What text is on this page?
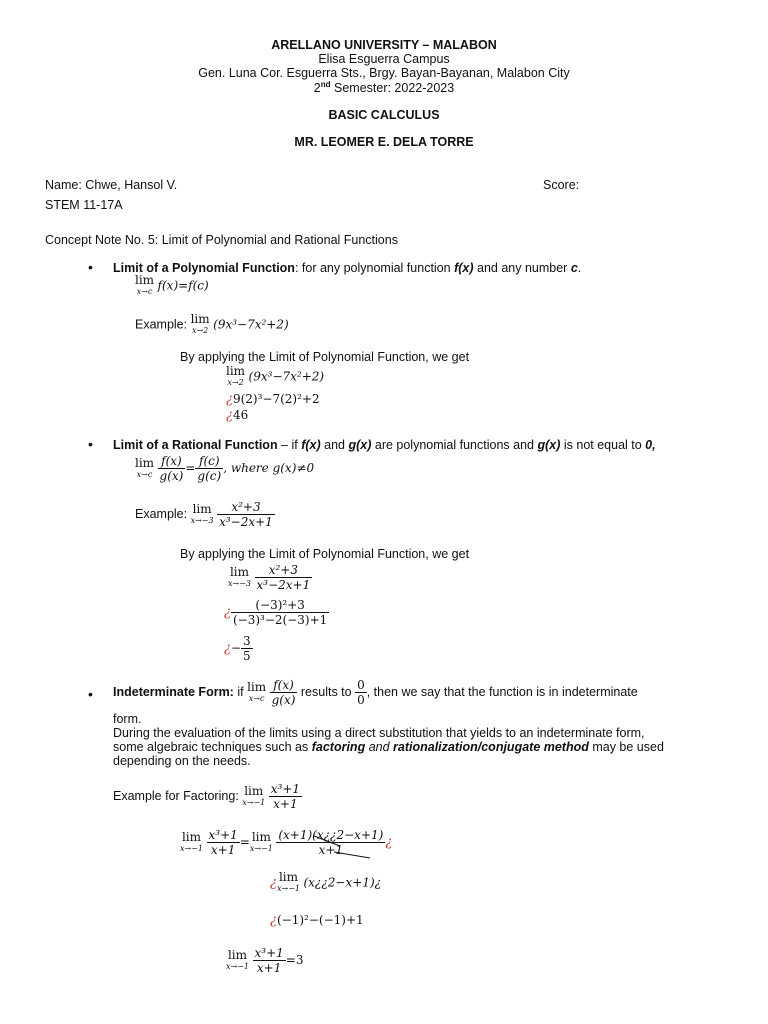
ARELLANO UNIVERSITY – MALABON
Elisa Esguerra Campus
Gen. Luna Cor. Esguerra Sts., Brgy. Bayan-Bayanan, Malabon City
2nd Semester: 2022-2023
BASIC CALCULUS
MR. LEOMER E. DELA TORRE
Name: Chwe, Hansol V.	Score:
STEM 11-17A
Concept Note No. 5: Limit of Polynomial and Rational Functions
• Limit of a Polynomial Function: for any polynomial function f(x) and any number c.
lim
x→c f(x)=f(c)
Example: lim
x→2 (9x³−7x²+2)
By applying the Limit of Polynomial Function, we get
lim
x→2 (9x³−7x²+2)
¿9(2)³−7(2)²+2
¿46
• Limit of a Rational Function – if f(x) and g(x) are polynomial functions and g(x) is not equal to 0,
lim
x→c
$\frac{f(x)}{g(x)} = \frac{f(c)}{g(c)}$ , where g(x)≠0
Example: lim
x→−3
$\frac{\text{x²+3}}{\text{x³−2x+1}}$
By applying the Limit of Polynomial Function, we get
lim
x→−3
$\frac{\text{x²+3}}{\text{x³−2x+1}}$
¿ $\frac{\text{(−3)²+3}}{\text{(−3)³−2(−3)+1}}$
¿− $\frac{3}{5}$
• Indeterminate Form: if lim
x→c
$\frac{f(x)}{g(x)}$ results to $\frac{0}{0}$ , then we say that the function is in indeterminate
form.
During the evaluation of the limits using a direct substitution that yields to an indeterminate form,
some algebraic techniques such as factoring and rationalization/conjugate method may be used
depending on the needs.
Example for Factoring: lim
x→−1
$\frac{\text{x³+1}}{x+1}$
lim
x→−1
$\frac{\text{x³+1}}{x+1} = \lim$
x→−1
$\frac{(x+1)(x¿¿2-x+1)}{x+1}$ ¿
¿ lim
x→−1 (x¿¿2−x+1)¿
¿(−1)²−(−1)+1
lim
x→−1
$\frac{\text{x³+1}}{x+1} =3$
